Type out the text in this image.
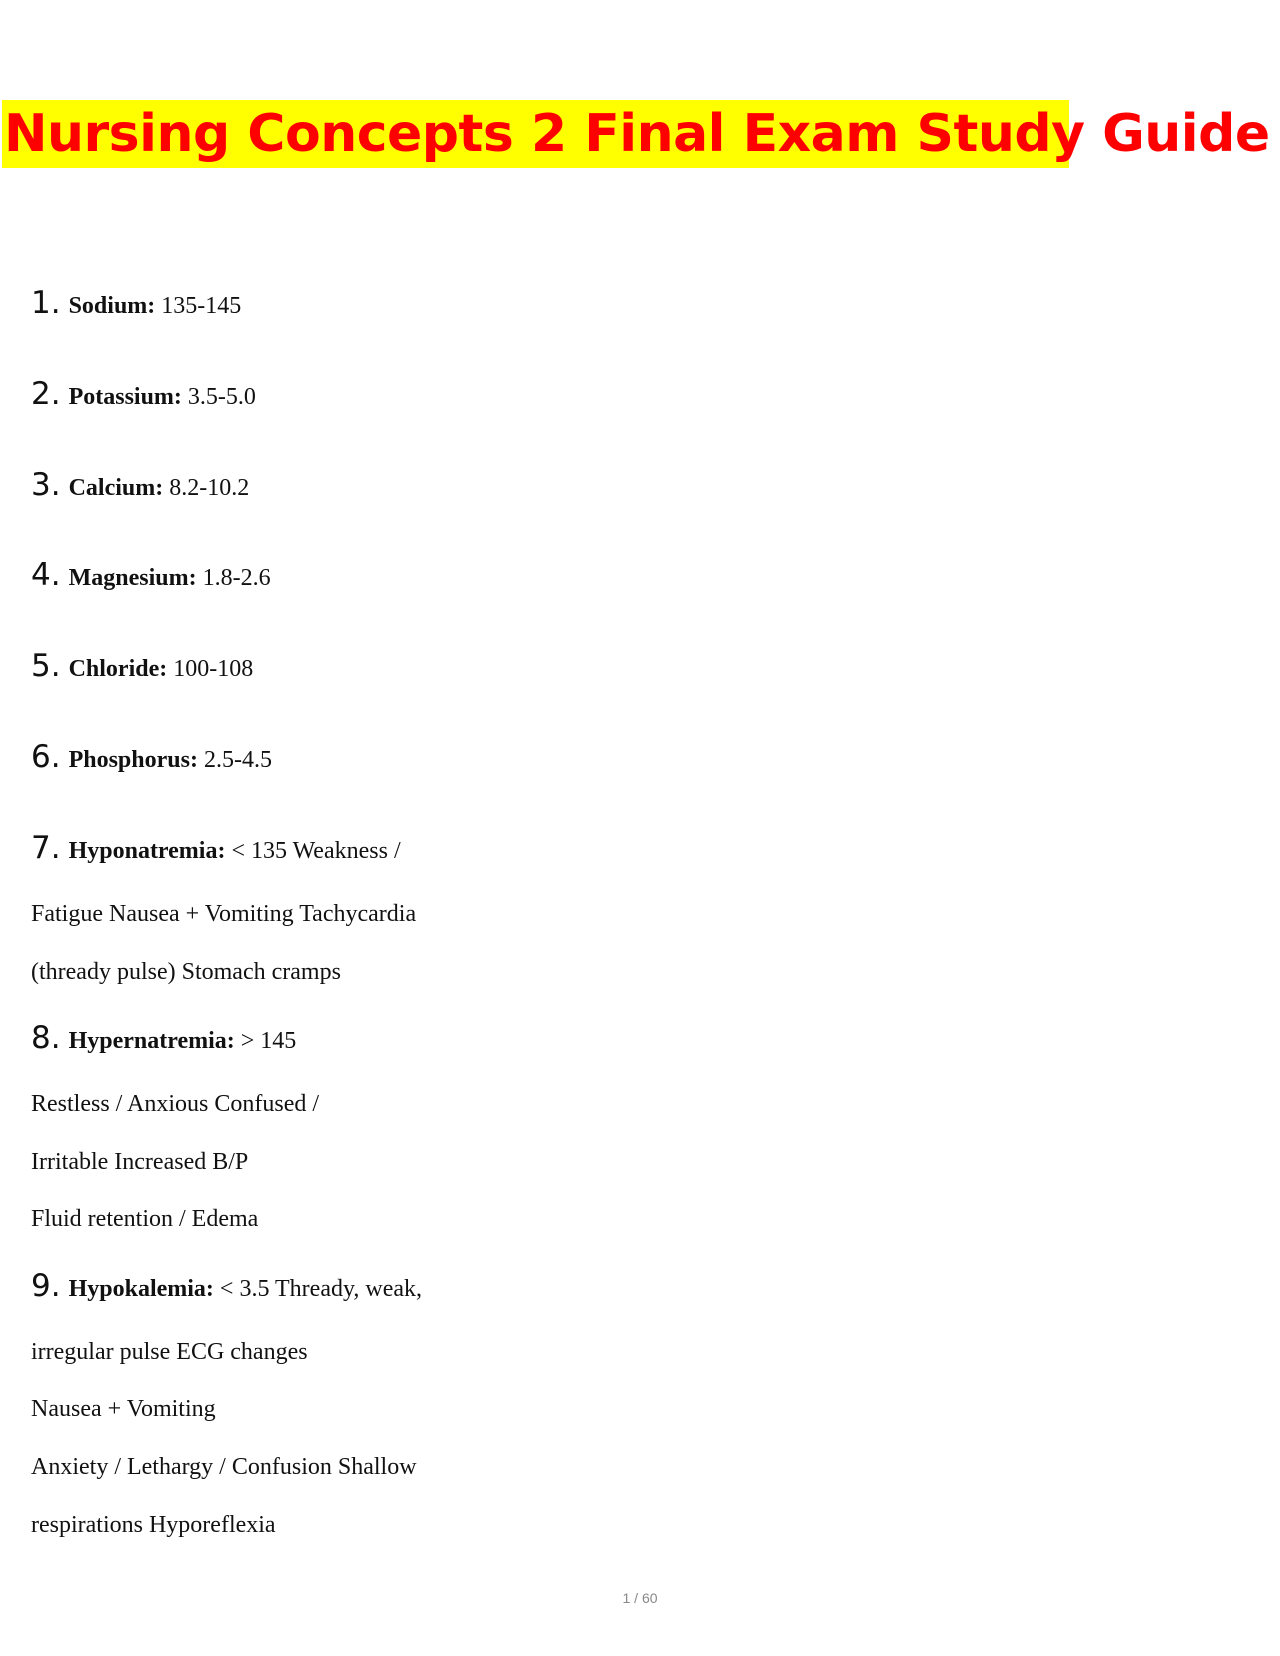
Nursing Concepts 2 Final Exam Study Guide
1. Sodium: 135-145
2. Potassium: 3.5-5.0
3. Calcium: 8.2-10.2
4. Magnesium: 1.8-2.6
5. Chloride: 100-108
6. Phosphorus: 2.5-4.5
7. Hyponatremia: < 135 Weakness /
Fatigue Nausea + Vomiting Tachycardia
(thready pulse) Stomach cramps
8. Hypernatremia: > 145
Restless / Anxious Confused /
Irritable Increased B/P
Fluid retention / Edema
9. Hypokalemia: < 3.5 Thready, weak,
irregular pulse ECG changes
Nausea + Vomiting
Anxiety / Lethargy / Confusion Shallow
respirations Hyporeflexia
1 / 60
